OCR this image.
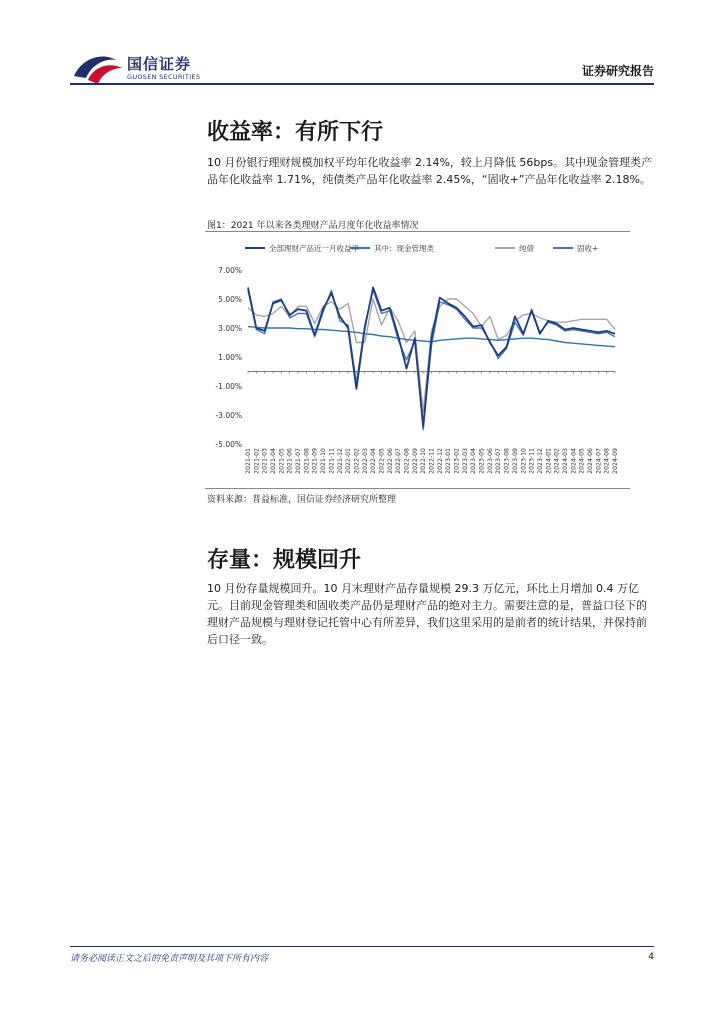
国信证券
GUOSEN SECURITIES	证券研究报告
收益率：有所下行

10 月份银行理财规模加权平均年化收益率 2.14%，较上月降低 56bps。其中现金管理类产品年化收益率 1.71%，纯债类产品年化收益率 2.45%，“固收+”产品年化收益率 2.18%。

图1：2021 年以来各类理财产品月度年化收益率情况
全部理财产品近一月收益率 其中：现金管理类	纯债	固收+
7.00%
5.00%
3.00%
1.00%
-1.00%
-3.00%
-5.00%
2021-01 2021-02 2021-03 2021-04 2021-05 2021-06 2021-07 2021-08 2021-09 2021-10 2021-11 2021-12 2022-01 2022-02 2022-03 2022-04 2022-05 2022-06 2022-07 2022-08 2022-09 2022-10 2022-11 2022-12 2023-01 2023-02 2023-03 2023-04 2023-05 2023-06 2023-07 2023-08 2023-09 2023-10 2023-11 2023-12 2024-01 2024-02 2024-03 2024-04 2024-05 2024-06 2024-07 2024-08 2024-09
资料来源：普益标准，国信证券经济研究所整理
存量：规模回升

10 月份存量规模回升。10 月末理财产品存量规模 29.3 万亿元，环比上月增加 0.4 万亿元。目前现金管理类和固收类产品仍是理财产品的绝对主力。需要注意的是，普益口径下的理财产品规模与理财登记托管中心有所差异，我们这里采用的是前者的统计结果，并保持前后口径一致。

请务必阅读正文之后的免责声明及其项下所有内容	4
